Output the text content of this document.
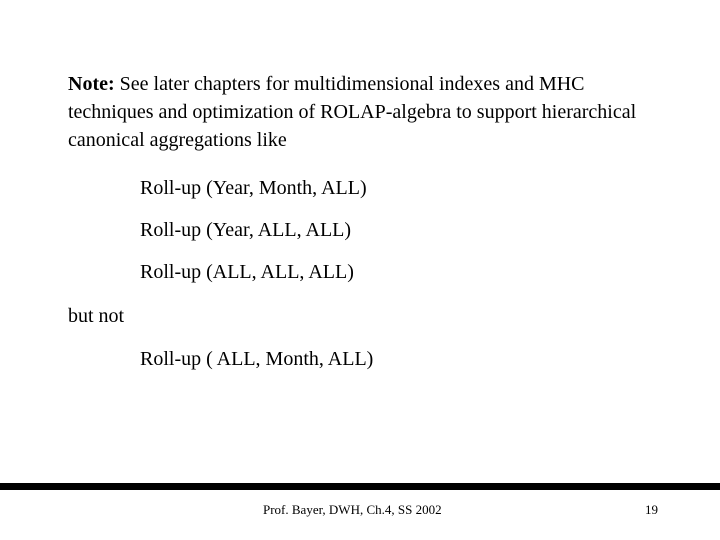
Note: See later chapters for multidimensional indexes and MHC techniques and optimization of ROLAP-algebra to support hierarchical canonical aggregations like

Roll-up (Year, Month, ALL)

Roll-up (Year, ALL, ALL)

Roll-up (ALL, ALL, ALL)

but not

Roll-up ( ALL, Month, ALL)

Prof. Bayer, DWH, Ch.4, SS 2002	19
